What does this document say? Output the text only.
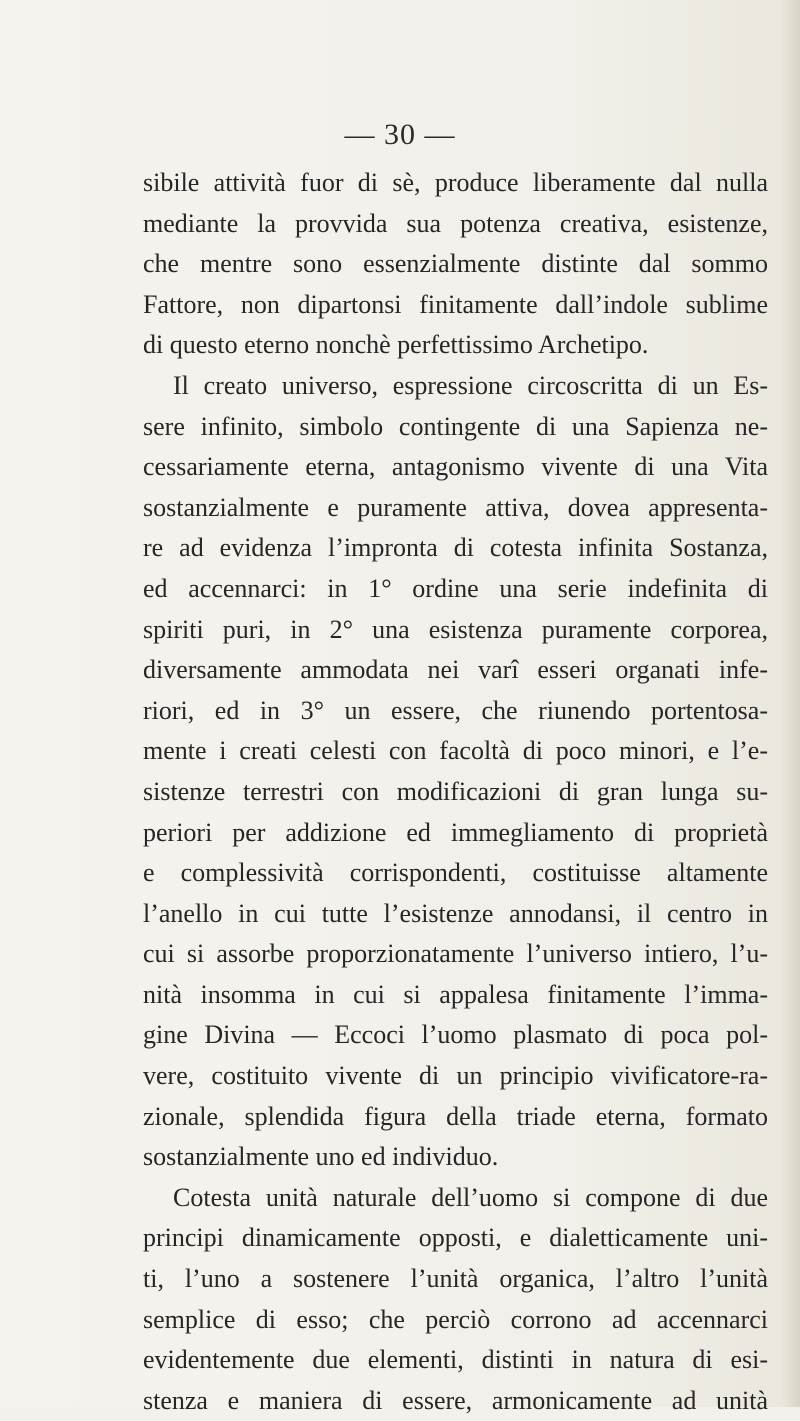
— 30 —
sibile attività fuor di sè, produce liberamente dal nulla
mediante la provvida sua potenza creativa, esistenze,
che mentre sono essenzialmente distinte dal sommo
Fattore, non dipartonsi finitamente dall’indole sublime
di questo eterno nonchè perfettissimo Archetipo.
Il creato universo, espressione circoscritta di un Es-
sere infinito, simbolo contingente di una Sapienza ne-
cessariamente eterna, antagonismo vivente di una Vita
sostanzialmente e puramente attiva, dovea appresenta-
re ad evidenza l’impronta di cotesta infinita Sostanza,
ed accennarci: in 1° ordine una serie indefinita di
spiriti puri, in 2° una esistenza puramente corporea,
diversamente ammodata nei varî esseri organati infe-
riori, ed in 3° un essere, che riunendo portentosa-
mente i creati celesti con facoltà di poco minori, e l’e-
sistenze terrestri con modificazioni di gran lunga su-
periori per addizione ed immegliamento di proprietà
e complessività corrispondenti, costituisse altamente
l’anello in cui tutte l’esistenze annodansi, il centro in
cui si assorbe proporzionatamente l’universo intiero, l’u-
nità insomma in cui si appalesa finitamente l’imma-
gine Divina — Eccoci l’uomo plasmato di poca pol-
vere, costituito vivente di un principio vivificatore-ra-
zionale, splendida figura della triade eterna, formato
sostanzialmente uno ed individuo.
Cotesta unità naturale dell’uomo si compone di due
principi dinamicamente opposti, e dialetticamente uni-
ti, l’uno a sostenere l’unità organica, l’altro l’unità
semplice di esso; che perciò corrono ad accennarci
evidentemente due elementi, distinti in natura di esi-
stenza e maniera di essere, armonicamente ad unità
